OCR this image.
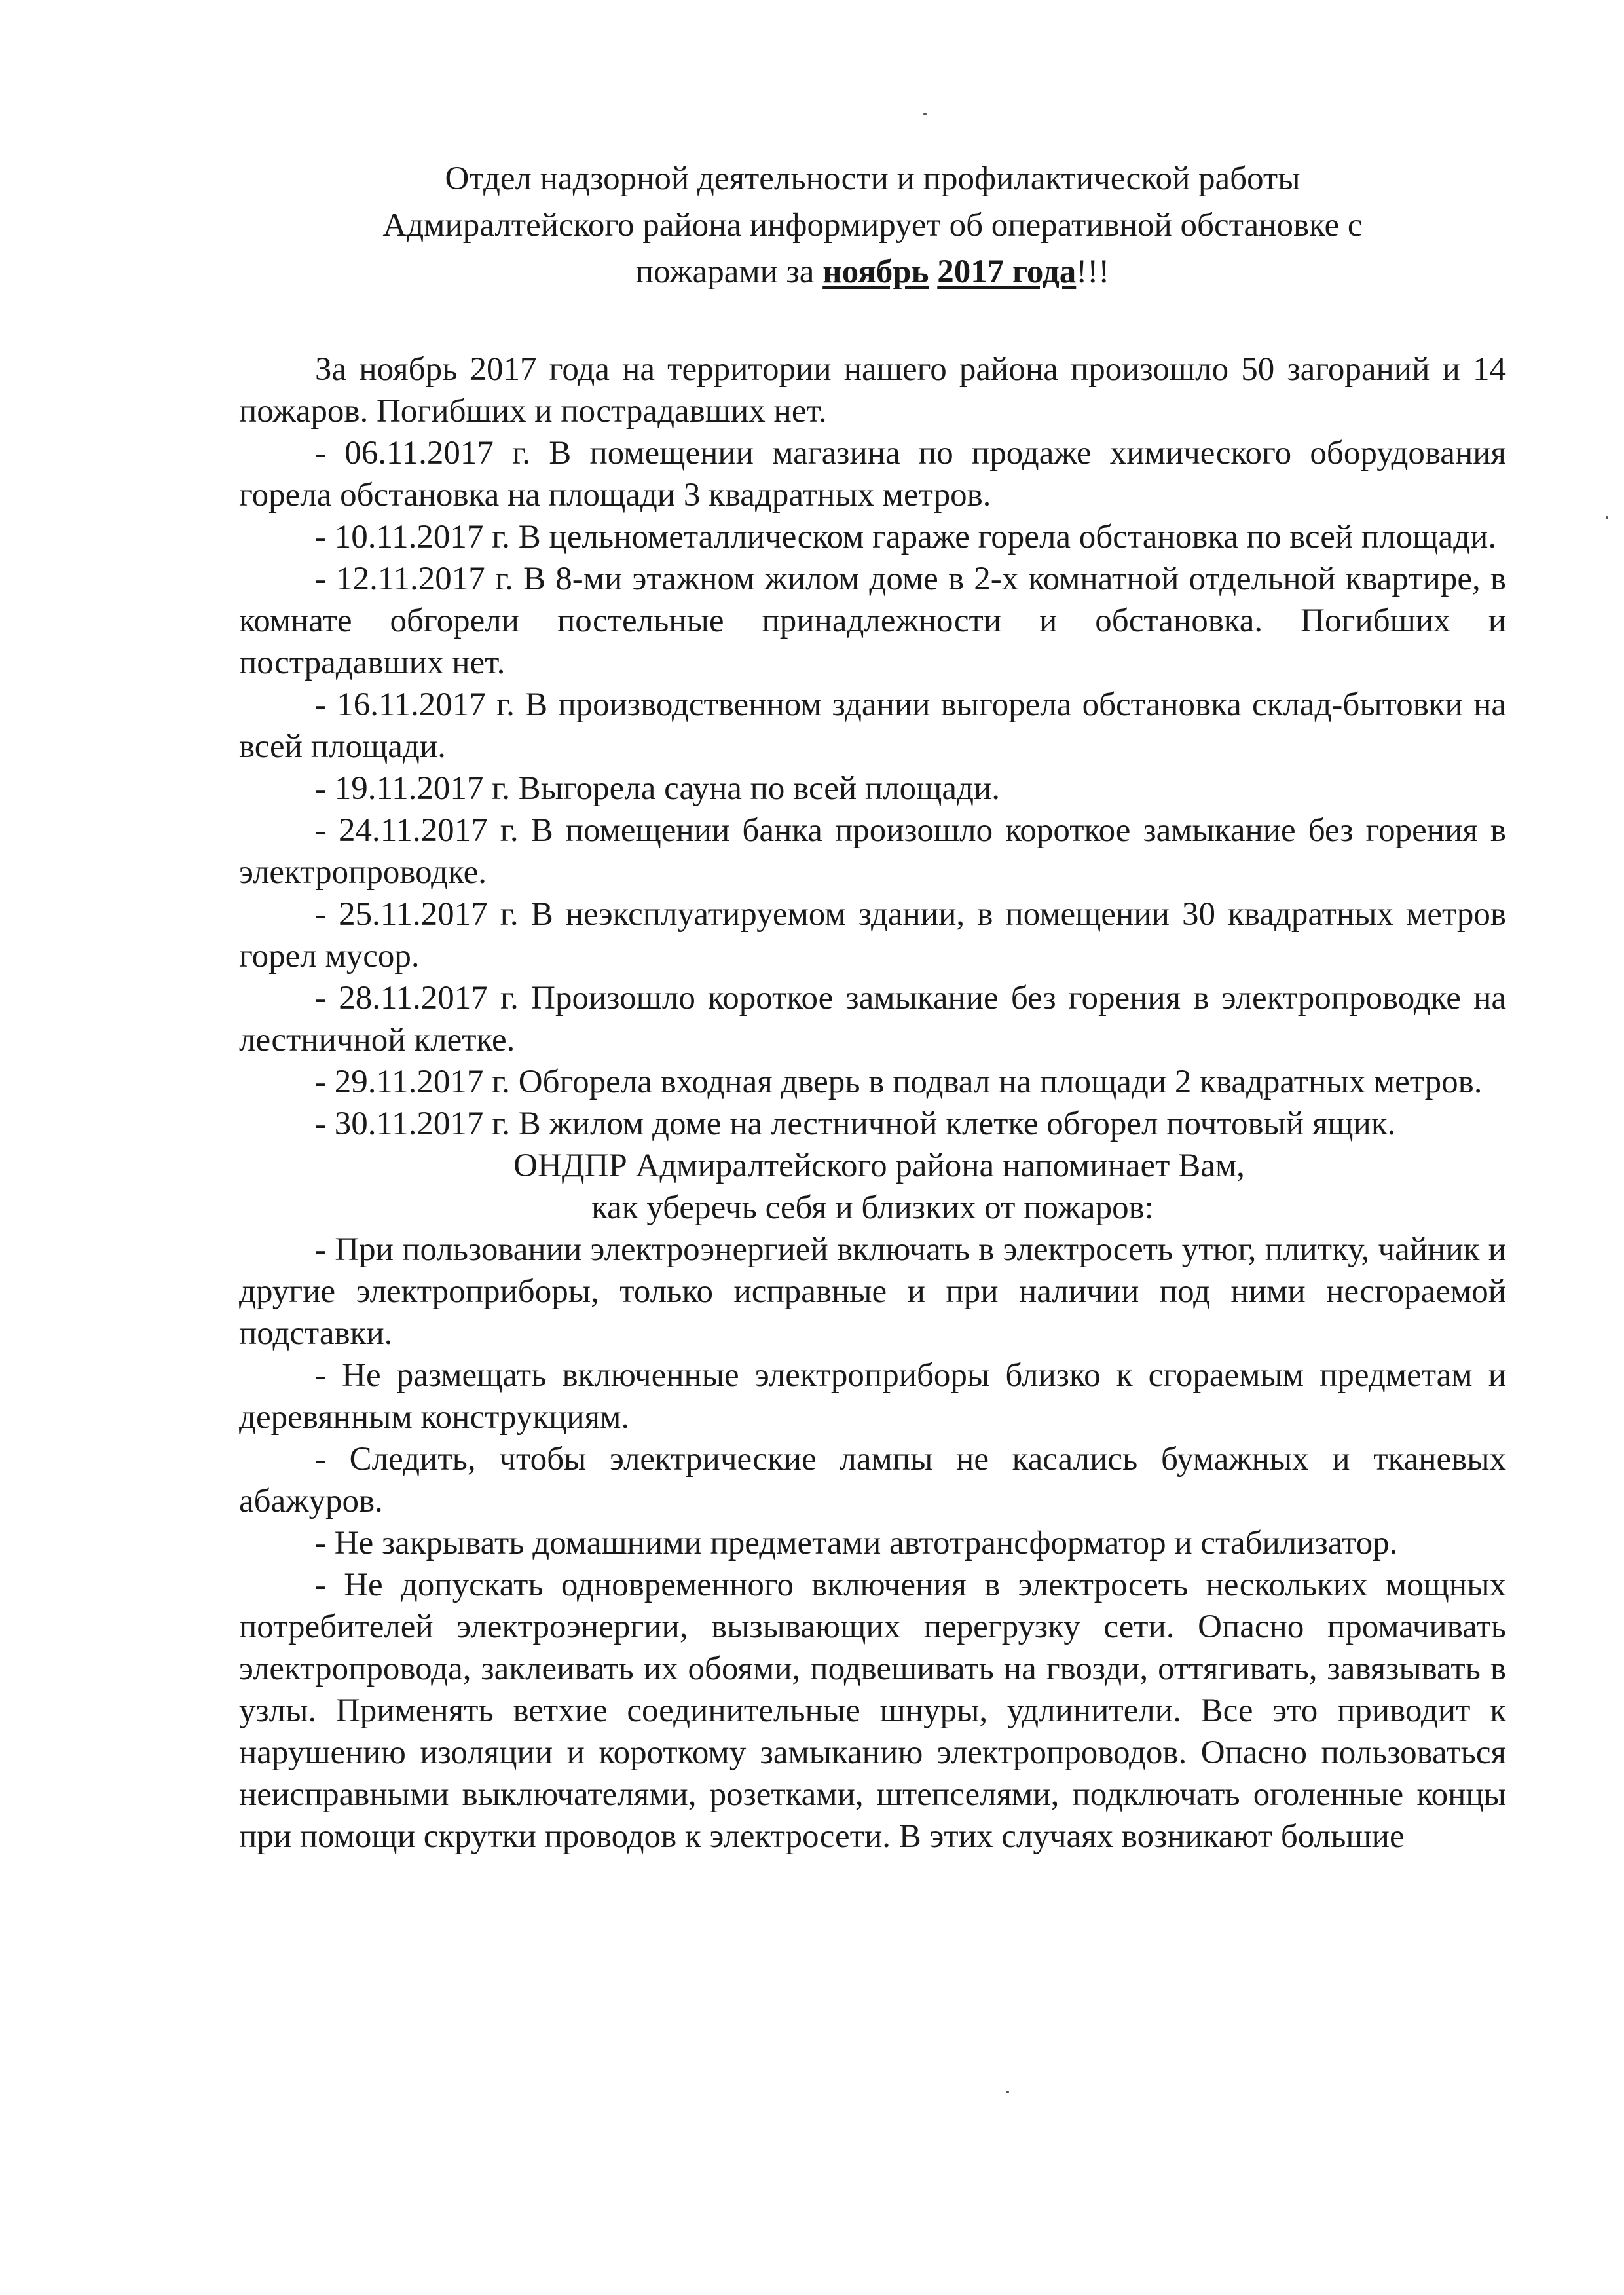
Отдел надзорной деятельности и профилактической работы
Адмиралтейского района информирует об оперативной обстановке с
пожарами за ноябрь 2017 года!!!

За ноябрь 2017 года на территории нашего района произошло 50 загораний и 14 пожаров. Погибших и пострадавших нет.

- 06.11.2017 г. В помещении магазина по продаже химического оборудования горела обстановка на площади 3 квадратных метров.

- 10.11.2017 г. В цельнометаллическом гараже горела обстановка по всей площади.

- 12.11.2017 г. В 8-ми этажном жилом доме в 2-х комнатной отдельной квартире, в комнате обгорели постельные принадлежности и обстановка. Погибших и пострадавших нет.

- 16.11.2017 г. В производственном здании выгорела обстановка склад-бытовки на всей площади.

- 19.11.2017 г. Выгорела сауна по всей площади.

- 24.11.2017 г. В помещении банка произошло короткое замыкание без горения в электропроводке.

- 25.11.2017 г. В неэксплуатируемом здании, в помещении 30 квадратных метров горел мусор.

- 28.11.2017 г. Произошло короткое замыкание без горения в электропроводке на лестничной клетке.

- 29.11.2017 г. Обгорела входная дверь в подвал на площади 2 квадратных метров.

- 30.11.2017 г. В жилом доме на лестничной клетке обгорел почтовый ящик.

ОНДПР Адмиралтейского района напоминает Вам,
как уберечь себя и близких от пожаров:

- При пользовании электроэнергией включать в электросеть утюг, плитку, чайник и другие электроприборы, только исправные и при наличии под ними несгораемой подставки.

- Не размещать включенные электроприборы близко к сгораемым предметам и деревянным конструкциям.

- Следить, чтобы электрические лампы не касались бумажных и тканевых абажуров.

- Не закрывать домашними предметами автотрансформатор и стабилизатор.

- Не допускать одновременного включения в электросеть нескольких мощных потребителей электроэнергии, вызывающих перегрузку сети. Опасно промачивать электропровода, заклеивать их обоями, подвешивать на гвозди, оттягивать, завязывать в узлы. Применять ветхие соединительные шнуры, удлинители. Все это приводит к нарушению изоляции и короткому замыканию электропроводов. Опасно пользоваться неисправными выключателями, розетками, штепселями, подключать оголенные концы при помощи скрутки проводов к электросети. В этих случаях возникают большие
